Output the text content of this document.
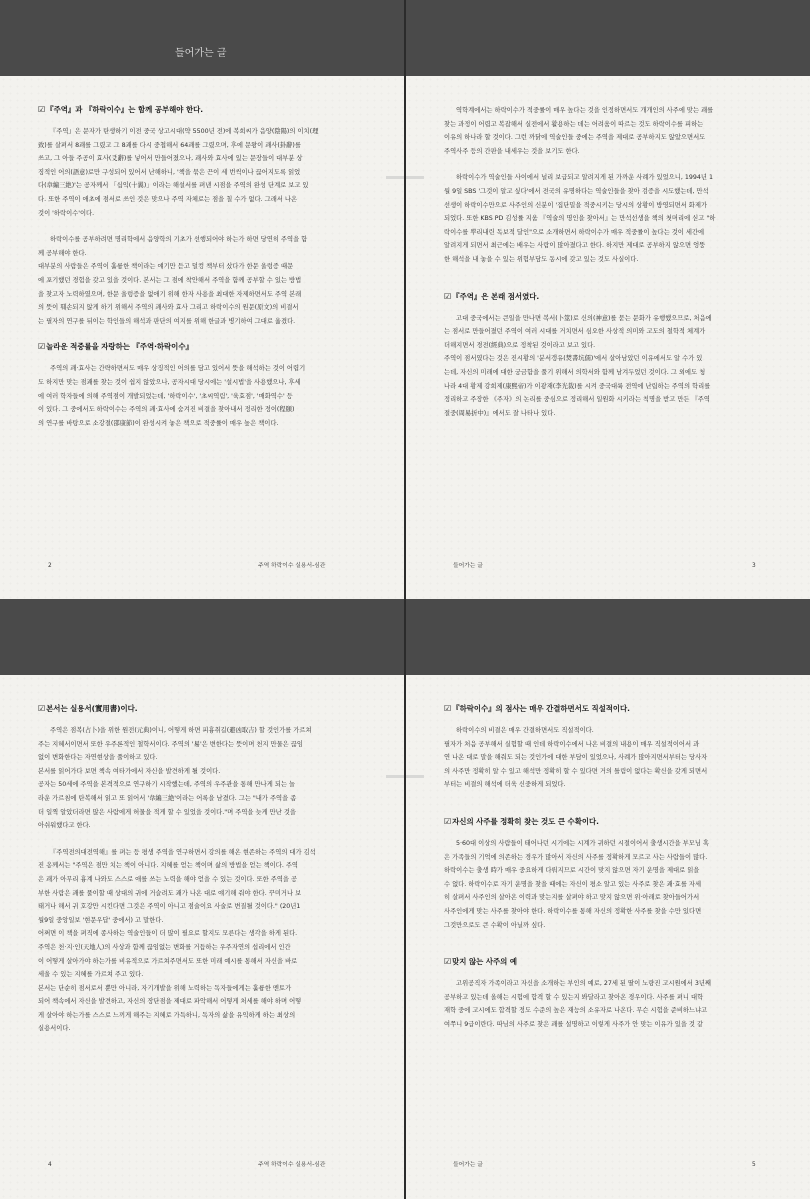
들어가는 글
☑『주역』과 『하락이수』는 함께 공부해야 한다.

『주역』은 문자가 탄생하기 이전 중국 상고시대(약 5500년 전)에 복희씨가 음양(陰陽)의 이치(理
致)를 살펴서 8괘를 그렸고 그 8괘를 다시 중첩해서 64괘를 그렸으며, 후에 문왕이 괘사(卦辭)를
쓰고, 그 아들 주공이 효사(爻辭)를 넣어서 만들어졌으나, 괘사와 효사에 있는 문장들이 대부분 상
징적인 어의(語意)로만 구성되어 있어서 난해하니, '책을 묶은 끈이 세 번씩이나 끊어지도록 읽었
다(韋編三絶)'는 공자께서 「십익(十翼)」이라는 해설서를 펴낸 시점을 주역의 완성 단계로 보고 있
다. 또한 주역이 애초에 점서로 쓰인 것은 맞으나 주역 자체로는 점을 칠 수가 없다. 그래서 나온
것이 '하락이수'이다.

하락이수를 공부하려면 명리학에서 음양학의 기초가 선행되어야 하는가 하면 당연히 주역을 함
께 공부해야 한다.
대부분의 사람들은 주역이 훌륭한 책이라는 얘기만 듣고 덜컹 책부터 샀다가 한문 울렁증 때문
에 포기했던 경험을 갖고 있을 것이다. 본서는 그 점에 착안해서 주역을 함께 공부할 수 있는 방법
을 찾고자 노력하였으며, 한문 울렁증을 없애기 위해 한자 사용을 최대한 자제하면서도 주역 본래
의 뜻이 훼손되지 않게 하기 위해서 주역의 괘사와 효사 그리고 하락이수의 원문(原文)의 비결서
는 필자의 연구를 뒤이는 학인들의 해석과 판단의 여지를 위해 한글과 병기하여 그대로 옮겼다.

☑놀라운 적중률을 자랑하는 『주역·하락이수』

주역의 괘·효사는 간략하면서도 매우 상징적인 어의를 담고 있어서 뜻을 해석하는 것이 어렵기
도 하지만 맞는 점괘를 찾는 것이 쉽지 않았으나, 공자시대 당시에는 '설시법'을 사용했으나, 후세
에 여러 학자들에 의해 주역점이 개발되었는데, '하락이수', '초씨역림', '육효점', '매화역수' 등
이 있다. 그 중에서도 하락이수는 주역의 괘·효사에 숨겨진 비결을 찾아내서 정리한 정이(程頤)
의 연구를 바탕으로 소강절(邵康節)이 완성시켜 놓은 책으로 적중률이 매우 높은 책이다.

2	주역 하락이수 실용서-심관

역학계에서는 하락이수가 적중률이 매우 높다는 것을 인정하면서도 개개인의 사주에 맞는 괘를
찾는 과정이 어렵고 복잡해서 실전에서 활용하는 데는 어려움이 따르는 것도 하락이수를 피하는
이유의 하나라 할 것이다. 그런 까닭에 역술인들 중에는 주역을 제대로 공부하지도 않았으면서도
주역사주 등의 간판을 내세우는 것을 보기도 한다.

하락이수가 역술인들 사이에서 널리 보급되고 알려지게 된 가까운 사례가 있었으니, 1994년 1
월 9일 SBS '그것이 알고 싶다'에서 전국의 유명하다는 역술인들을 찾아 검증을 시도했는데, 만석
선생이 하락이수만으로 사주인의 신분이 '집단밀을 적중시키는 당시의 상황이 방영되면서 화제가
되었다. 또한 KBS PD 김성률 지움 『역술의 명인을 찾아서』는 만석선생을 책의 첫머리에 싣고 "하
락이수를 뿌리내린 독보적 달인"으로 소개하면서 하락이수가 매우 적중률이 높다는 것이 세간에
알려지게 되면서 최근에는 배우는 사람이 많아졌다고 한다. 하지만 제대로 공부하지 않으면 엉뚱
한 해석을 내 놓을 수 있는 위험부담도 동시에 갖고 있는 것도 사실이다.

☑『주역』은 본래 점서였다.

고대 중국에서는 큰일을 만나면 복서(卜筮)로 신의(神意)를 묻는 문화가 유행했으므로, 처음에
는 점서로 만들어졌던 주역이 여러 시대를 거치면서 심오한 사상적 의미와 고도의 철학적 체계가
더해지면서 경전(經典)으로 정착된 것이라고 보고 있다.
주역이 점서였다는 것은 진시황의 '분서갱유(焚書坑儒)'에서 살아남았던 이유에서도 알 수가 있
는데, 자신의 미래에 대한 궁금함을 풀기 위해서 의학서와 함께 남겨두었던 것이다. 그 외에도 청
나라 4대 황제 강희제(康熙帝)가 이광재(李光裁)를 시켜 중국대륙 전역에 난립하는 주역의 학리를
정리하고 주장한 《주자》의 논리를 중심으로 정리해서 일원화 시키라는 칙명을 받고 만든 『주역
절중(周易折中)』에서도 잘 나타나 있다.

들어가는 글	3
☑본서는 실용서(實用書)이다.

주역은 점복(占卜)을 위한 원전(元典)이니, 어떻게 하면 피흉취길(避凶取吉) 할 것인가를 가르쳐
주는 지혜서이면서 또한 우주론적인 철학서이다. 주역의 '易'은 변한다는 뜻이며 천지 만물은 끊임
없이 변화한다는 자연현상을 풀이하고 있다.
본서를 읽어가다 보면 책속 여타가에서 자신을 발견하게 될 것이다.
공자는 50세에 주역을 본격적으로 연구하기 시작했는데, 주역의 우주관을 통해 만나게 되는 놀
라운 가르침에 탄복해서 읽고 또 읽어서 '韋編三絶'이라는 어록을 남겼다. 그는 "내가 주역을 좀
더 일찍 알았더라면 많은 사람에게 허물을 적게 할 수 있었을 것이다."며 주역을 늦게 만난 것을
아쉬워했다고 한다.

『주역전의대전역해』를 펴는 등 평생 주역을 연구하면서 강의를 해온 현존하는 주역의 대가 김석
진 옹께서는 "주역은 점만 치는 책이 아니다. 지혜를 얻는 책이며 삶의 방법을 얻는 책이다. 주역
은 괘가 아무리 흉계 나와도 스스로 애를 쓰는 노력을 해야 얻을 수 있는 것이다. 또한 주역을 공
부한 사람은 괘를 풀이할 때 상대의 귀에 거슬려도 괘가 나온 대로 얘기해 줘야 한다. 꾸미거나 보
태거나 해서 귀 호강만 시킨다면 그것은 주역이 아니고 점술이요 사술로 변질될 것이다." (20년1
월9일 중앙일보 '현문우답' 중에서) 고 말한다.
어쩌면 이 책을 펴직에 종사하는 역술인들이 더 많이 필요로 할지도 모른다는 생각을 하게 된다.
주역은 천·지·인(天地人)의 사상과 함께 끊임없는 변화를 거듭하는 우주자연의 섭리에서 인간
이 어떻게 살아가야 하는가를 비유적으로 가르쳐주면서도 또한 미래 예시를 통해서 자신을 바로
세울 수 있는 지혜를 가르쳐 주고 있다.
본서는 단순히 점서로서 뿐만 아니라, 자기개발을 위해 노력하는 독자들에게는 훌륭한 멘토가
되어 책속에서 자신을 발견하고, 자신의 장단점을 제대로 파악해서 어떻게 처세를 해야 하며 어떻
게 살아야 하는가를 스스로 느끼게 해주는 지혜로 가득하니, 독자의 삶을 유익하게 하는 최상의
실용서이다.

4	주역 하락이수 실용서-심관
☑『하락이수』의 점사는 매우 간결하면서도 직설적이다.

하락이수의 비결은 매우 간결하면서도 직설적이다.
필자가 처음 공부해서 실험할 때 인데 하락이수에서 나온 비결의 내용이 매우 직설적이어서 과
연 나온 대로 말을 해줘도 되는 것인가에 대한 부담이 있었으나, 사례가 많아지면서부터는 당사자
의 사주만 정확히 알 수 있고 해석만 정확히 할 수 있다면 거의 틀림이 없다는 확신을 갖게 되면서
부터는 비결의 해석에 더욱 신중하게 되었다.

☑자신의 사주를 정확히 찾는 것도 큰 수확이다.

5·60대 이상의 사람들이 태어나던 시기에는 시계가 귀하던 시절이어서 출생시간을 부모님 혹
은 가족들의 기억에 의존하는 경우가 많아서 자신의 사주를 정확하게 모르고 사는 사람들이 많다.
하락이수는 출생 時가 매우 중요하게 다뤄지므로 시간이 맞지 않으면 자기 운명을 제대로 읽을
수 없다. 하락이수로 자기 운명을 찾을 때에는 자신이 평소 알고 있는 사주로 찾은 괘·효를 자세
히 살펴서 사주인의 살아온 이력과 맞는지를 살펴야 하고 맞지 않으면 위·아래로 찾아들어가서
사주인에게 맞는 사주를 찾아야 한다. 하락이수를 통해 자신의 정확한 사주를 찾을 수만 있다면
그것만으로도 큰 수확이 아닐까 싶다.

☑맞지 않는 사주의 예

고위공직자 가족이라고 자신을 소개하는 부인의 예로, 27세 된 딸이 노량진 고시원에서 3년째
공부하고 있는데 올해는 시험에 합격 할 수 있는지 봐달라고 찾아온 경우이다. 사주를 펴니 대학
재학 중에 고시에도 합격할 정도 수준의 높은 재능의 소유자로 나온다. 무슨 시험을 준비하느냐고
여쭈니 9급이란다. 따님의 사주로 찾은 괘를 설명하고 이렇게 사주가 안 맞는 이유가 있을 것 같

들어가는 글	5
